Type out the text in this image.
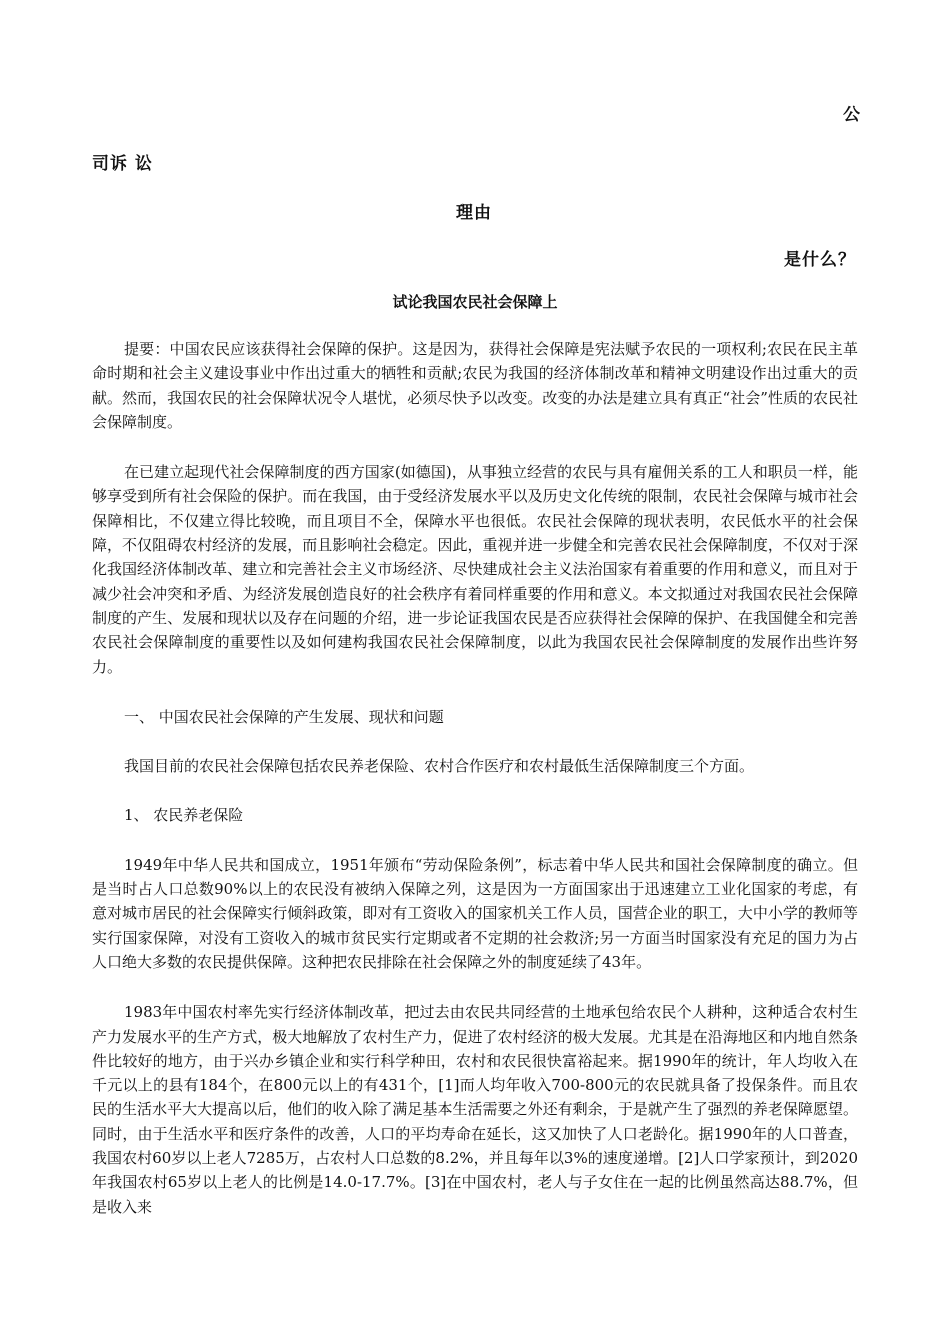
公
司诉 讼
理由
是什么？
试论我国农民社会保障上

提要：中国农民应该获得社会保障的保护。这是因为，获得社会保障是宪法赋予农民的一项权利;农民在民主革命时期和社会主义建设事业中作出过重大的牺牲和贡献;农民为我国的经济体制改革和精神文明建设作出过重大的贡献。然而，我国农民的社会保障状况令人堪忧，必须尽快予以改变。改变的办法是建立具有真正“社会”性质的农民社会保障制度。

在已建立起现代社会保障制度的西方国家(如德国)，从事独立经营的农民与具有雇佣关系的工人和职员一样，能够享受到所有社会保险的保护。而在我国，由于受经济发展水平以及历史文化传统的限制，农民社会保障与城市社会保障相比，不仅建立得比较晚，而且项目不全，保障水平也很低。农民社会保障的现状表明，农民低水平的社会保障，不仅阻碍农村经济的发展，而且影响社会稳定。因此，重视并进一步健全和完善农民社会保障制度，不仅对于深化我国经济体制改革、建立和完善社会主义市场经济、尽快建成社会主义法治国家有着重要的作用和意义，而且对于减少社会冲突和矛盾、为经济发展创造良好的社会秩序有着同样重要的作用和意义。本文拟通过对我国农民社会保障制度的产生、发展和现状以及存在问题的介绍，进一步论证我国农民是否应获得社会保障的保护、在我国健全和完善农民社会保障制度的重要性以及如何建构我国农民社会保障制度，以此为我国农民社会保障制度的发展作出些许努力。

一、 中国农民社会保障的产生发展、现状和问题

我国目前的农民社会保障包括农民养老保险、农村合作医疗和农村最低生活保障制度三个方面。

1、 农民养老保险

1949年中华人民共和国成立，1951年颁布“劳动保险条例”，标志着中华人民共和国社会保障制度的确立。但是当时占人口总数90%以上的农民没有被纳入保障之列，这是因为一方面国家出于迅速建立工业化国家的考虑，有意对城市居民的社会保障实行倾斜政策，即对有工资收入的国家机关工作人员，国营企业的职工，大中小学的教师等实行国家保障，对没有工资收入的城市贫民实行定期或者不定期的社会救济;另一方面当时国家没有充足的国力为占人口绝大多数的农民提供保障。这种把农民排除在社会保障之外的制度延续了43年。

1983年中国农村率先实行经济体制改革，把过去由农民共同经营的土地承包给农民个人耕种，这种适合农村生产力发展水平的生产方式，极大地解放了农村生产力，促进了农村经济的极大发展。尤其是在沿海地区和内地自然条件比较好的地方，由于兴办乡镇企业和实行科学种田，农村和农民很快富裕起来。据1990年的统计，年人均收入在千元以上的县有184个，在800元以上的有431个，[1]而人均年收入700-800元的农民就具备了投保条件。而且农民的生活水平大大提高以后，他们的收入除了满足基本生活需要之外还有剩余，于是就产生了强烈的养老保障愿望。同时，由于生活水平和医疗条件的改善，人口的平均寿命在延长，这又加快了人口老龄化。据1990年的人口普查，我国农村60岁以上老人7285万，占农村人口总数的8.2%，并且每年以3%的速度递增。[2]人口学家预计，到2020年我国农村65岁以上老人的比例是14.0-17.7%。[3]在中国农村，老人与子女住在一起的比例虽然高达88.7%，但是收入来
